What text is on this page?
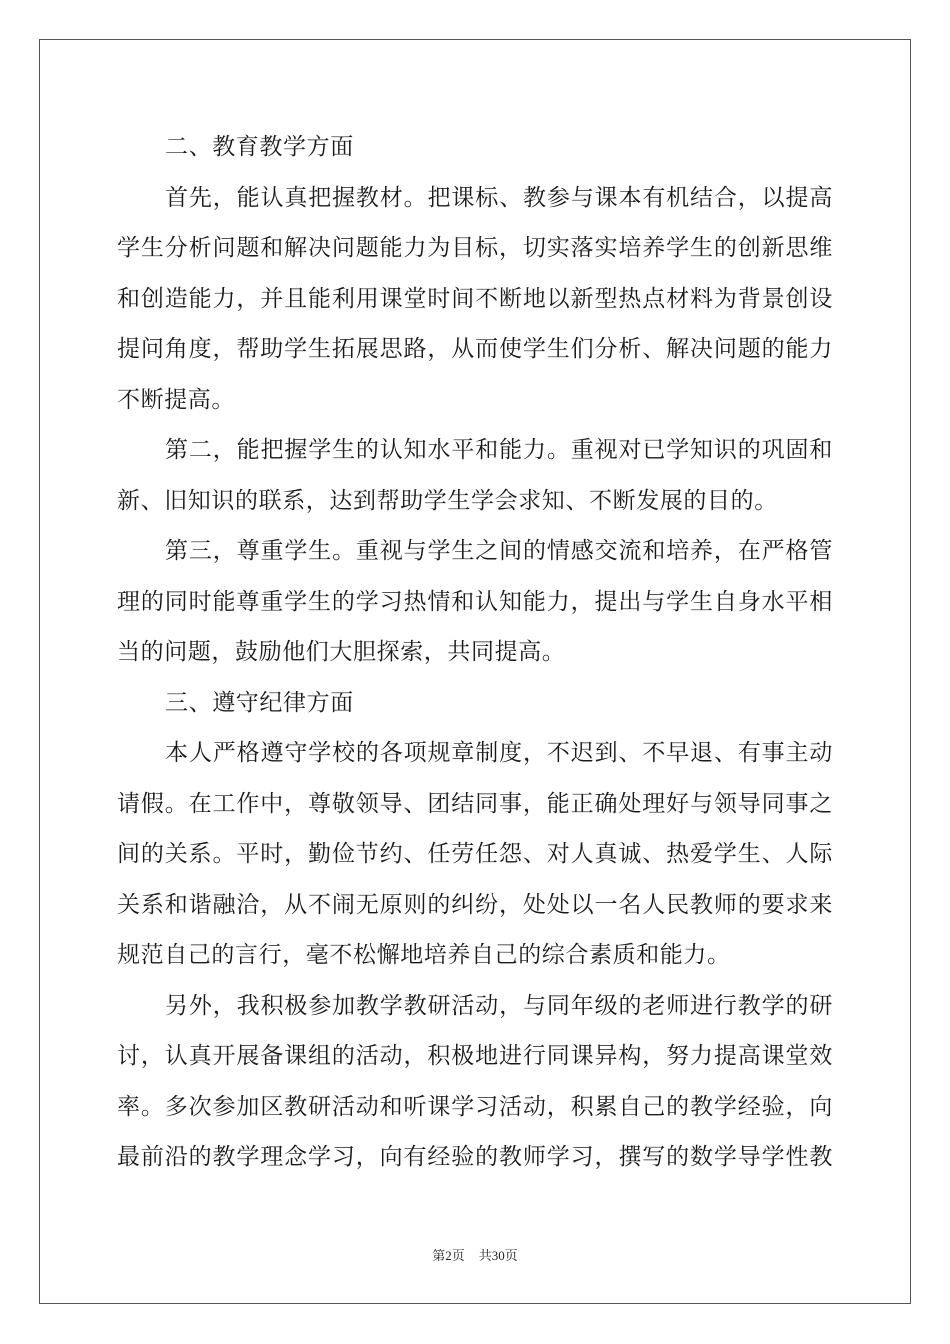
二、教育教学方面
首先，能认真把握教材。把课标、教参与课本有机结合，以提高
学生分析问题和解决问题能力为目标，切实落实培养学生的创新思维
和创造能力，并且能利用课堂时间不断地以新型热点材料为背景创设
提问角度，帮助学生拓展思路，从而使学生们分析、解决问题的能力
不断提高。
第二，能把握学生的认知水平和能力。重视对已学知识的巩固和
新、旧知识的联系，达到帮助学生学会求知、不断发展的目的。
第三，尊重学生。重视与学生之间的情感交流和培养，在严格管
理的同时能尊重学生的学习热情和认知能力，提出与学生自身水平相
当的问题，鼓励他们大胆探索，共同提高。
三、遵守纪律方面
本人严格遵守学校的各项规章制度，不迟到、不早退、有事主动
请假。在工作中，尊敬领导、团结同事，能正确处理好与领导同事之
间的关系。平时，勤俭节约、任劳任怨、对人真诚、热爱学生、人际
关系和谐融洽，从不闹无原则的纠纷，处处以一名人民教师的要求来
规范自己的言行，毫不松懈地培养自己的综合素质和能力。
另外，我积极参加教学教研活动，与同年级的老师进行教学的研
讨，认真开展备课组的活动，积极地进行同课异构，努力提高课堂效
率。多次参加区教研活动和听课学习活动，积累自己的教学经验，向
最前沿的教学理念学习，向有经验的教师学习，撰写的数学导学性教
第2页 共30页
